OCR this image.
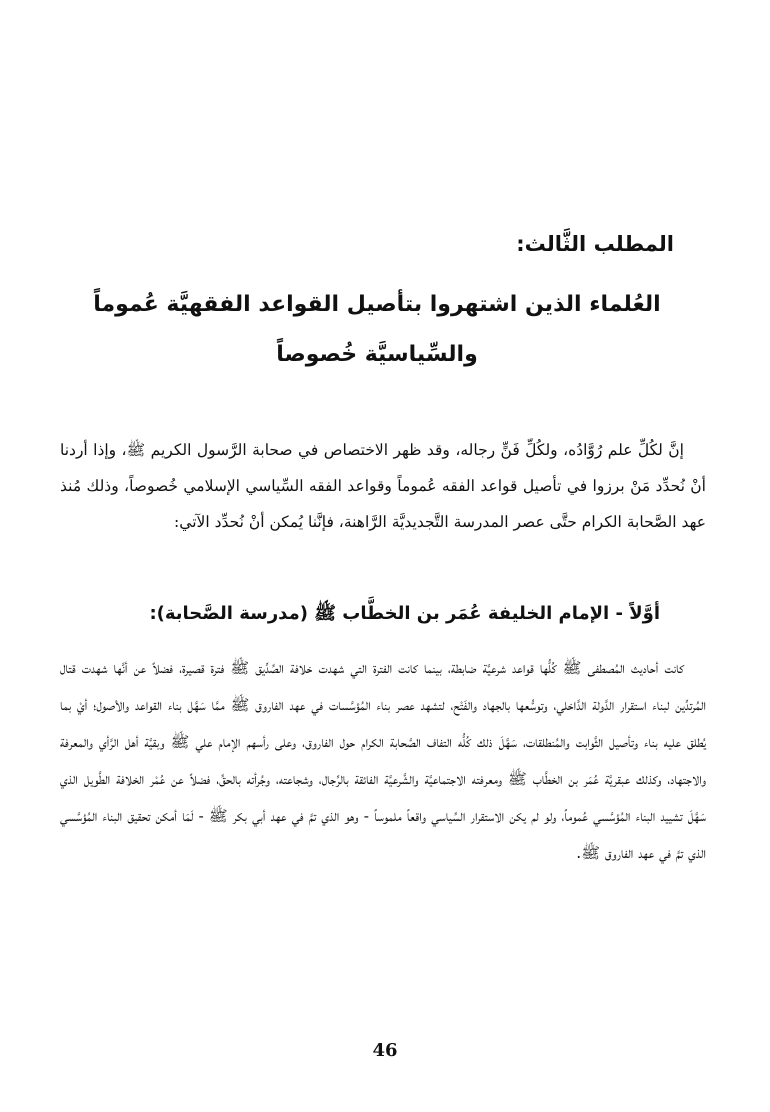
المطلب الثَّالث:
العُلماء الذين اشتهروا بتأصيل القواعد الفقهيَّة عُموماً
والسِّياسيَّة خُصوصاً

إنَّ لكُلِّ علم رُوَّادُه، ولكُلِّ فَنٍّ رجاله، وقد ظهر الاختصاص في صحابة الرَّسول الكريم ﷺ، وإذا أردنا أنْ نُحدِّد مَنْ برزوا في تأصيل قواعد الفقه عُموماً وقواعد الفقه السِّياسي الإسلامي خُصوصاً، وذلك مُنذ عهد الصَّحابة الكرام حتَّى عصر المدرسة التَّجديديَّة الرَّاهنة، فإنَّنا يُمكن أنْ نُحدِّد الآتي:

أوَّلاً - الإمام الخليفة عُمَر بن الخطَّاب ﷺ (مدرسة الصَّحابة):

كانت أحاديث المُصطفى ﷺ كُلُّها قواعد شرعيَّة ضابطة، بينما كانت الفترة التي شهدت خلافة الصِّدِّيق ﷺ فترة قصيرة، فضلاً عن أنَّها شهدت قتال المُرتدِّين لبناء استقرار الدَّولة الدَّاخلي، وتوسُّعها بالجهاد والفَتْح، لتشهد عصر بناء المُؤسَّسات في عهد الفاروق ﷺ ممَّا سَهَّل بناء القواعد والأصول؛ أيْ بما يُطلق عليه بناء وتأصيل الثَّوابت والمُنطلقات، سَهَّلَ ذلك كُلُّه التفاف الصَّحابة الكرام حول الفاروق، وعلى رأسهم الإمام علي ﷺ وبقيَّة أهل الرَّأي والمعرفة والاجتهاد، وكذلك عبقريَّة عُمَر بن الخطَّاب ﷺ ومعرفته الاجتماعيَّة والشَّرعيَّة الفائقة بالرِّجال، وشجاعته، وجُرأته بالحقِّ، فضلاً عن عُمْر الخلافة الطَّويل الذي سَهَّلَ تشييد البناء المُؤسَّسي عُموماً، ولو لم يكن الاستقرار السِّياسي واقعاً ملموساً - وهو الذي تمَّ في عهد أبي بكر ﷺ - لَمَا أمكن تحقيق البناء المُؤسَّسي الذي تمَّ في عهد الفاروق ﷺ.

46
